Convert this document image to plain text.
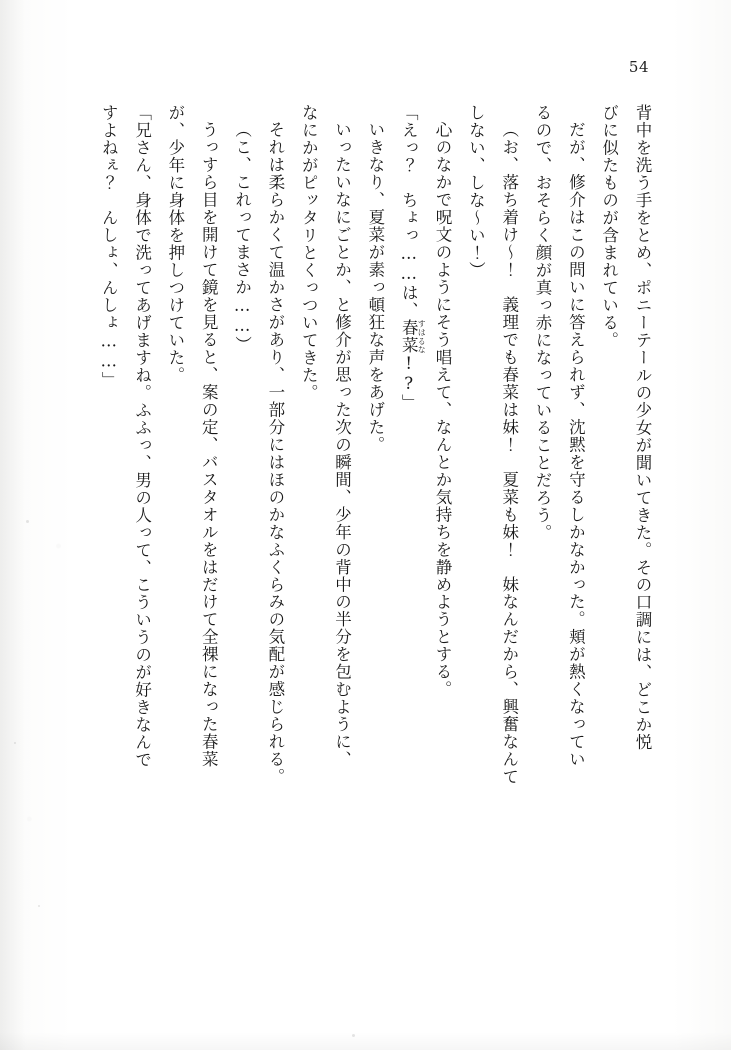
54

背中を洗う手をとめ、ポニーテールの少女が聞いてきた。その口調には、どこか悦

びに似たものが含まれている。

だが、修介はこの問いに答えられず、沈黙を守るしかなかった。頬が熱くなってい

るので、おそらく顔が真っ赤になっていることだろう。

（お、落ち着け〜！　義理でも春菜は妹！　夏菜も妹！　妹なんだから、興奮なんて

しない、しな〜い！）

心のなかで呪文のようにそう唱えて、なんとか気持ちを静めようとする。

「えっ？　ちょっ……は、春菜 すはるな!?」

いきなり、夏菜が素っ頓狂な声をあげた。

いったいなにごとか、と修介が思った次の瞬間、少年の背中の半分を包むように、

なにかがピッタリとくっついてきた。

それは柔らかくて温かさがあり、一部分にはほのかなふくらみの気配が感じられる。

（こ、これってまさか……）

うっすら目を開けて鏡を見ると、案の定、バスタオルをはだけて全裸になった春菜

が、少年に身体を押しつけていた。

「兄さん、身体で洗ってあげますね。ふふっ、男の人って、こういうのが好きなんで

すよねぇ？　んしょ、んしょ……」
